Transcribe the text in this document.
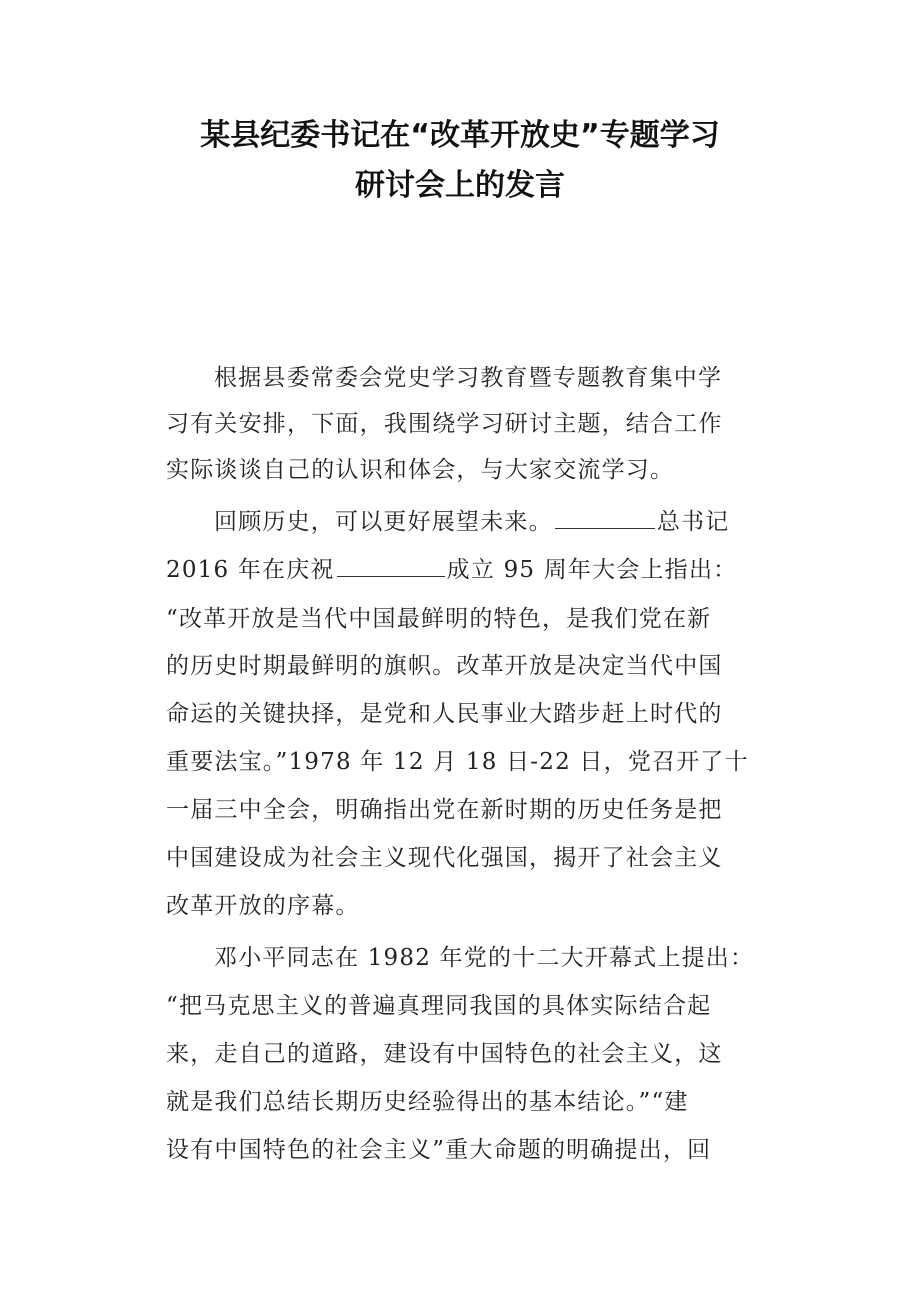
某县纪委书记在“改革开放史”专题学习
研讨会上的发言

根据县委常委会党史学习教育暨专题教育集中学

习有关安排，下面，我围绕学习研讨主题，结合工作

实际谈谈自己的认识和体会，与大家交流学习。

回顾历史，可以更好展望未来。	总书记

2016 年在庆祝	成立 95 周年大会上指出：

“改革开放是当代中国最鲜明的特色，是我们党在新

的历史时期最鲜明的旗帜。改革开放是决定当代中国

命运的关键抉择，是党和人民事业大踏步赶上时代的

重要法宝。”1978 年 12 月 18 日-22 日，党召开了十

一届三中全会，明确指出党在新时期的历史任务是把

中国建设成为社会主义现代化强国，揭开了社会主义

改革开放的序幕。

邓小平同志在 1982 年党的十二大开幕式上提出：

“把马克思主义的普遍真理同我国的具体实际结合起

来，走自己的道路，建设有中国特色的社会主义，这

就是我们总结长期历史经验得出的基本结论。”“建

设有中国特色的社会主义”重大命题的明确提出，回
